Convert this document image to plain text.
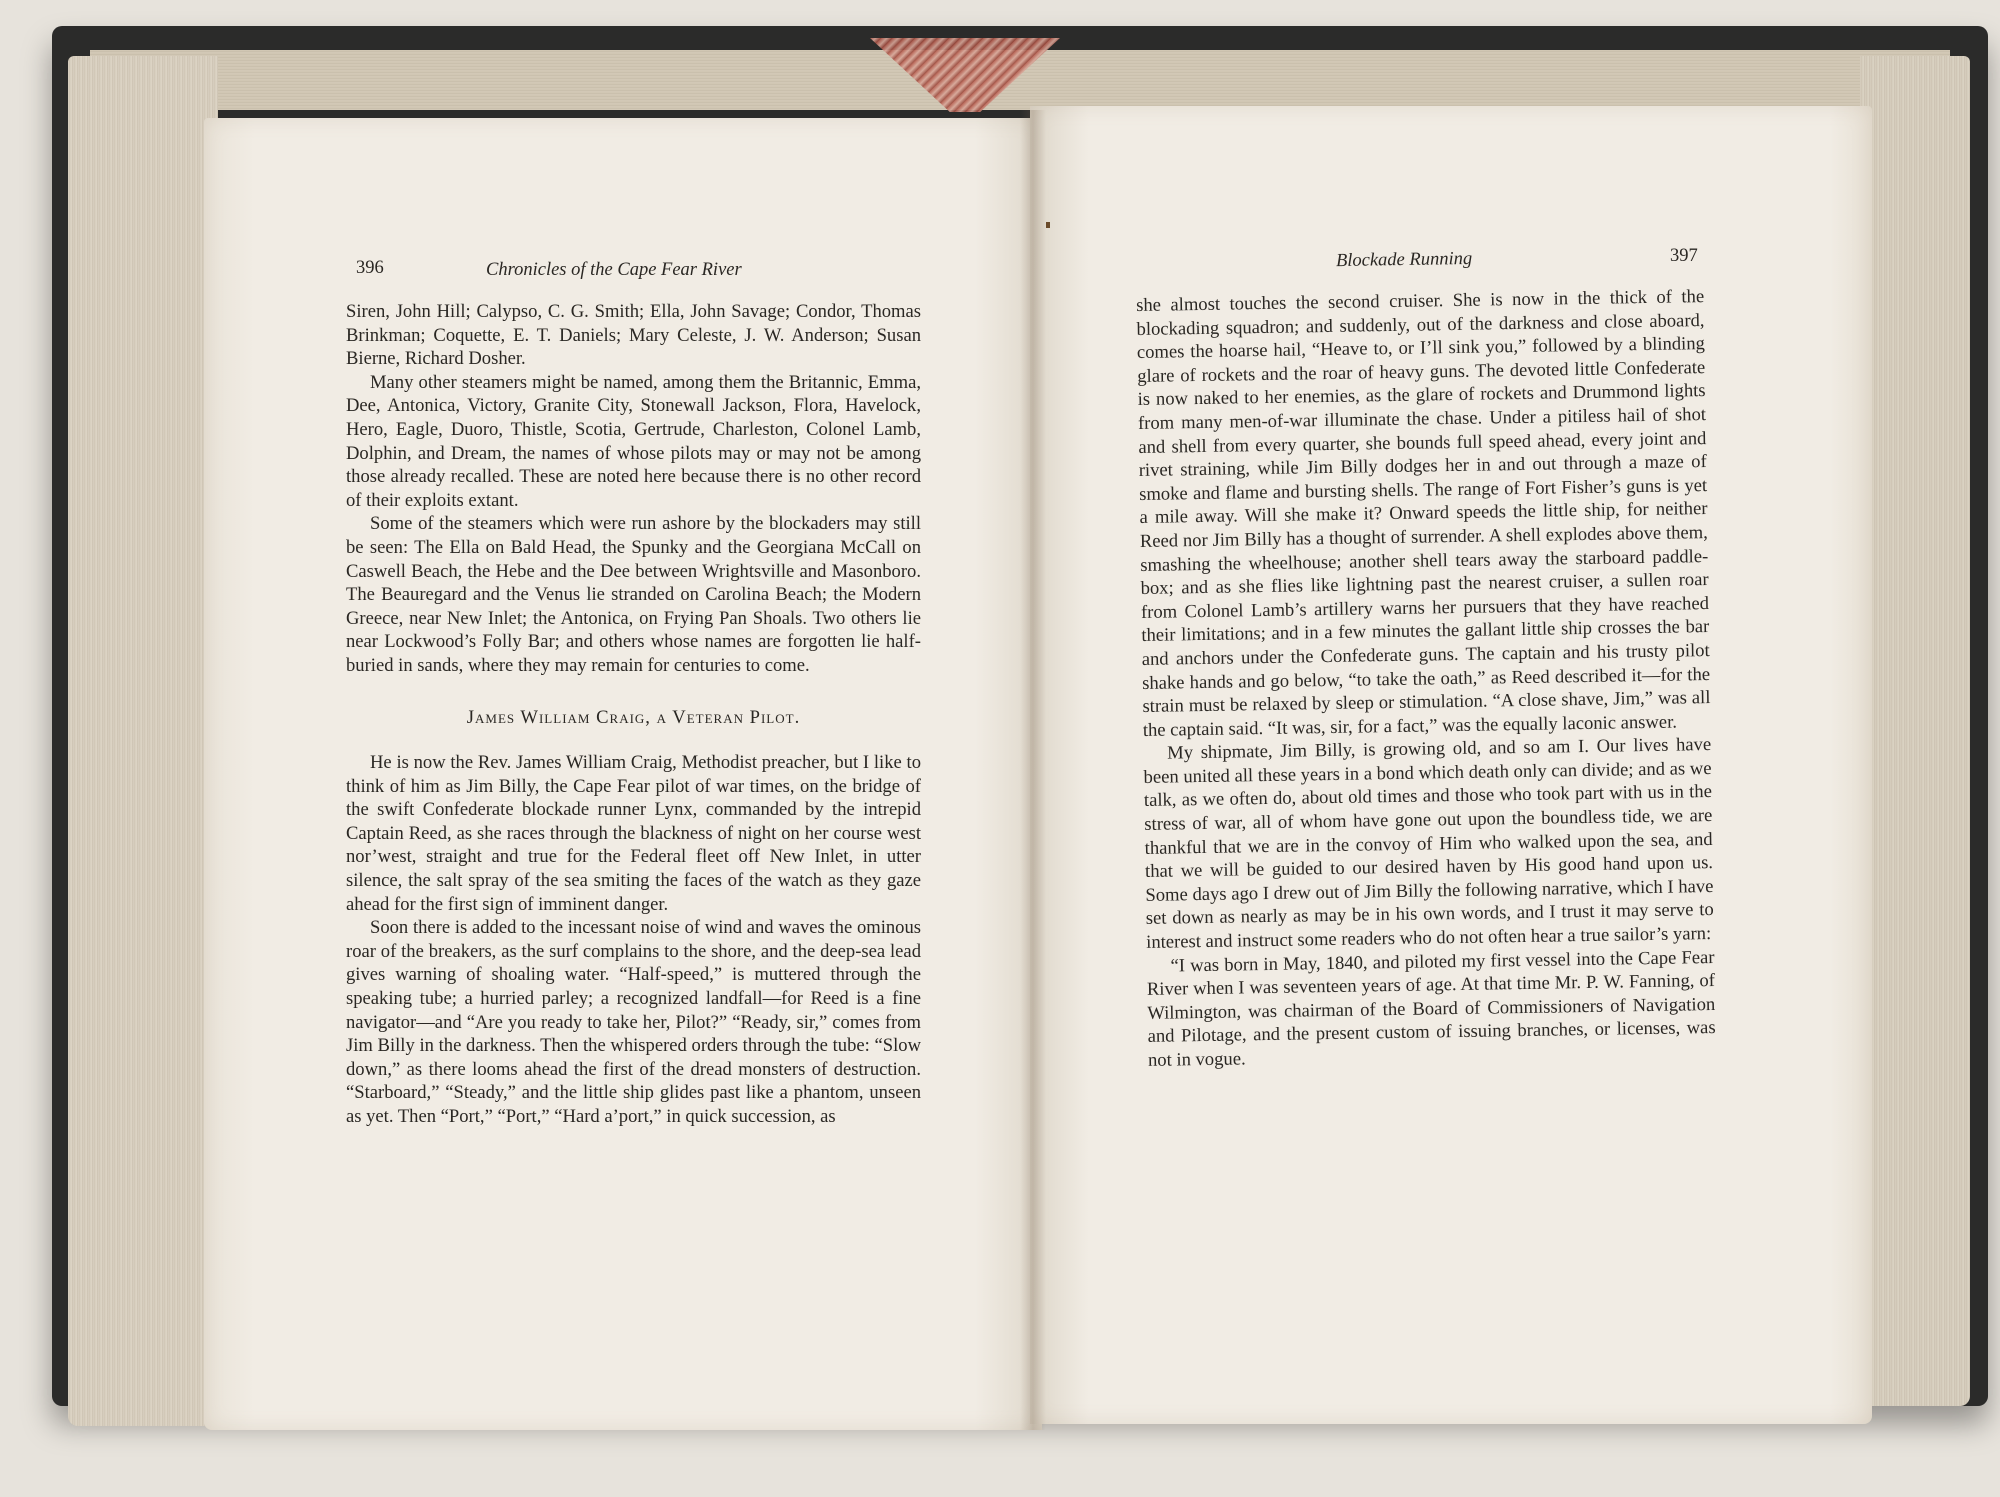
396	Chronicles of the Cape Fear River	Blockade Running	397

Siren, John Hill; Calypso, C. G. Smith; Ella, John Savage; Condor, Thomas Brinkman; Coquette, E. T. Daniels; Mary Celeste, J. W. Anderson; Susan Bierne, Richard Dosher.

Many other steamers might be named, among them the Britannic, Emma, Dee, Antonica, Victory, Granite City, Stonewall Jackson, Flora, Havelock, Hero, Eagle, Duoro, Thistle, Scotia, Gertrude, Charleston, Colonel Lamb, Dolphin, and Dream, the names of whose pilots may or may not be among those already recalled. These are noted here because there is no other record of their exploits extant.

Some of the steamers which were run ashore by the blockaders may still be seen: The Ella on Bald Head, the Spunky and the Georgiana McCall on Caswell Beach, the Hebe and the Dee between Wrightsville and Masonboro. The Beauregard and the Venus lie stranded on Carolina Beach; the Modern Greece, near New Inlet; the Antonica, on Frying Pan Shoals. Two others lie near Lockwood’s Folly Bar; and others whose names are forgotten lie half-buried in sands, where they may remain for centuries to come.

James William Craig, a Veteran Pilot.

He is now the Rev. James William Craig, Methodist preacher, but I like to think of him as Jim Billy, the Cape Fear pilot of war times, on the bridge of the swift Confederate blockade runner Lynx, commanded by the intrepid Captain Reed, as she races through the blackness of night on her course west nor’west, straight and true for the Federal fleet off New Inlet, in utter silence, the salt spray of the sea smiting the faces of the watch as they gaze ahead for the first sign of imminent danger.

Soon there is added to the incessant noise of wind and waves the ominous roar of the breakers, as the surf complains to the shore, and the deep-sea lead gives warning of shoaling water. “Half-speed,” is muttered through the speaking tube; a hurried parley; a recognized landfall—for Reed is a fine navigator—and “Are you ready to take her, Pilot?” “Ready, sir,” comes from Jim Billy in the darkness. Then the whispered orders through the tube: “Slow down,” as there looms ahead the first of the dread monsters of destruction. “Starboard,” “Steady,” and the little ship glides past like a phantom, unseen as yet. Then “Port,” “Port,” “Hard a’port,” in quick succession, as

she almost touches the second cruiser. She is now in the thick of the blockading squadron; and suddenly, out of the darkness and close aboard, comes the hoarse hail, “Heave to, or I’ll sink you,” followed by a blinding glare of rockets and the roar of heavy guns. The devoted little Confederate is now naked to her enemies, as the glare of rockets and Drummond lights from many men-of-war illuminate the chase. Under a pitiless hail of shot and shell from every quarter, she bounds full speed ahead, every joint and rivet straining, while Jim Billy dodges her in and out through a maze of smoke and flame and bursting shells. The range of Fort Fisher’s guns is yet a mile away. Will she make it? Onward speeds the little ship, for neither Reed nor Jim Billy has a thought of surrender. A shell explodes above them, smashing the wheelhouse; another shell tears away the starboard paddle-box; and as she flies like lightning past the nearest cruiser, a sullen roar from Colonel Lamb’s artillery warns her pursuers that they have reached their limitations; and in a few minutes the gallant little ship crosses the bar and anchors under the Confederate guns. The captain and his trusty pilot shake hands and go below, “to take the oath,” as Reed described it—for the strain must be relaxed by sleep or stimulation. “A close shave, Jim,” was all the captain said. “It was, sir, for a fact,” was the equally laconic answer.

My shipmate, Jim Billy, is growing old, and so am I. Our lives have been united all these years in a bond which death only can divide; and as we talk, as we often do, about old times and those who took part with us in the stress of war, all of whom have gone out upon the boundless tide, we are thankful that we are in the convoy of Him who walked upon the sea, and that we will be guided to our desired haven by His good hand upon us. Some days ago I drew out of Jim Billy the following narrative, which I have set down as nearly as may be in his own words, and I trust it may serve to interest and instruct some readers who do not often hear a true sailor’s yarn:

“I was born in May, 1840, and piloted my first vessel into the Cape Fear River when I was seventeen years of age. At that time Mr. P. W. Fanning, of Wilmington, was chairman of the Board of Commissioners of Navigation and Pilotage, and the present custom of issuing branches, or licenses, was not in vogue.
